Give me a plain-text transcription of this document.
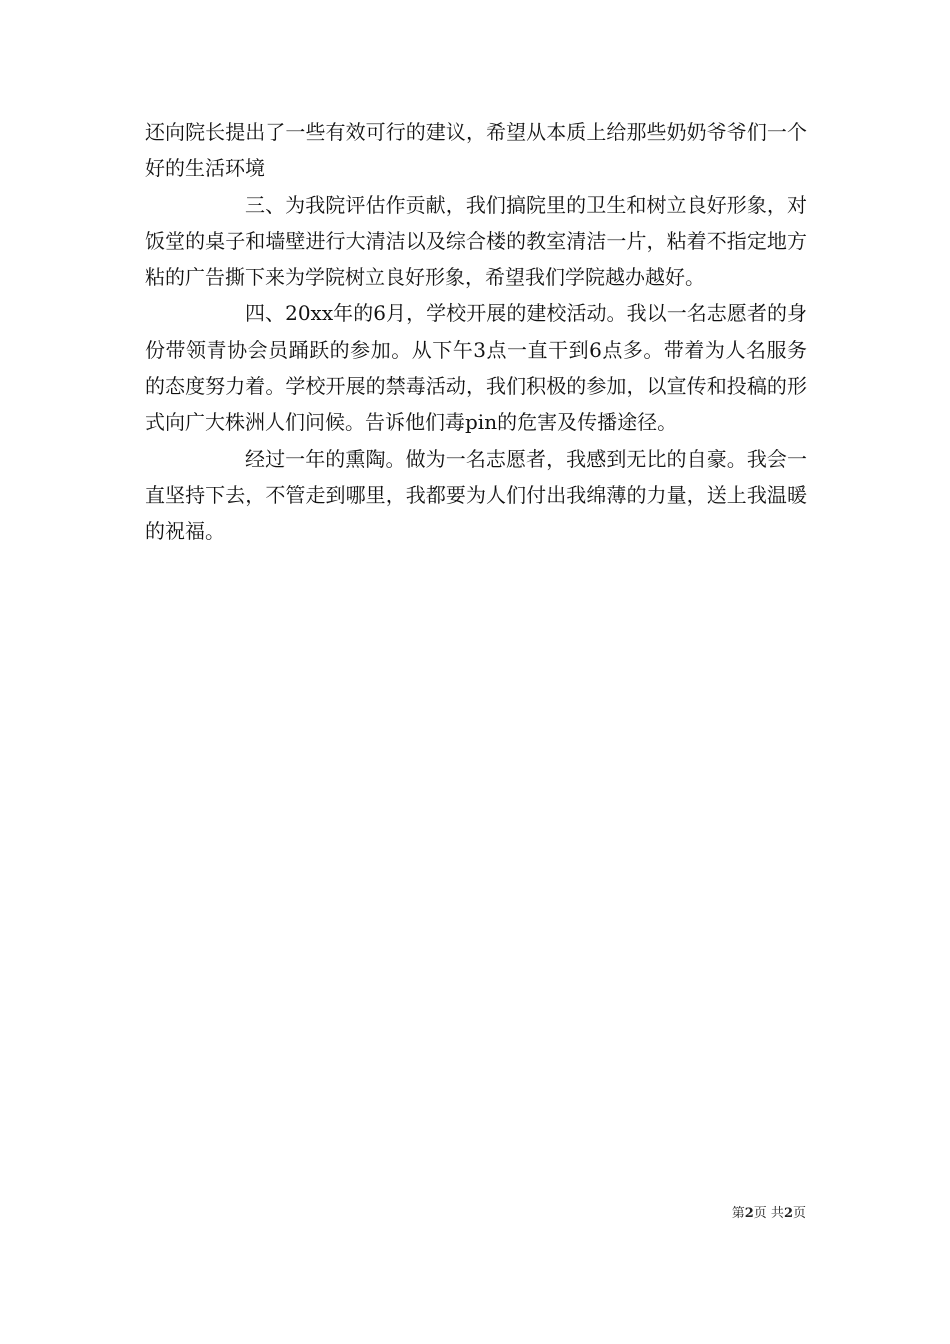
还向院长提出了一些有效可行的建议，希望从本质上给那些奶奶爷爷们一个好的生活环境

三、为我院评估作贡献，我们搞院里的卫生和树立良好形象，对饭堂的桌子和墙壁进行大清洁以及综合楼的教室清洁一片，粘着不指定地方粘的广告撕下来为学院树立良好形象，希望我们学院越办越好。

四、20xx年的6月，学校开展的建校活动。我以一名志愿者的身份带领青协会员踊跃的参加。从下午3点一直干到6点多。带着为人名服务的态度努力着。学校开展的禁毒活动，我们积极的参加，以宣传和投稿的形式向广大株洲人们问候。告诉他们毒pin的危害及传播途径。

经过一年的熏陶。做为一名志愿者，我感到无比的自豪。我会一直坚持下去，不管走到哪里，我都要为人们付出我绵薄的力量，送上我温暖的祝福。

第2页 共2页
